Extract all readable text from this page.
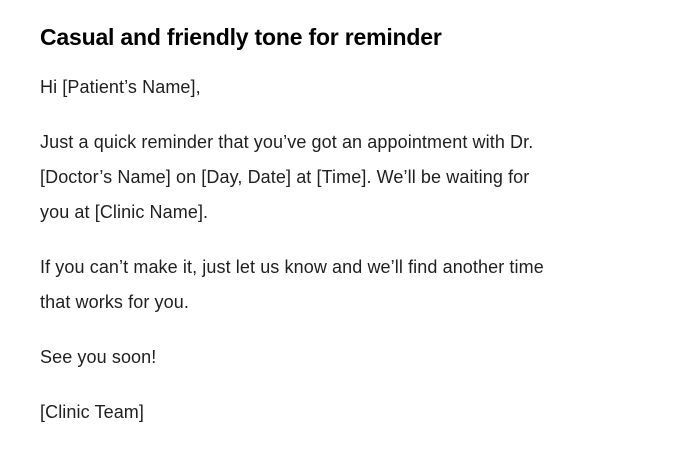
Casual and friendly tone for reminder
Hi [Patient’s Name],
Just a quick reminder that you’ve got an appointment with Dr.
[Doctor’s Name] on [Day, Date] at [Time]. We’ll be waiting for
you at [Clinic Name].
If you can’t make it, just let us know and we’ll find another time
that works for you.
See you soon!
[Clinic Team]
